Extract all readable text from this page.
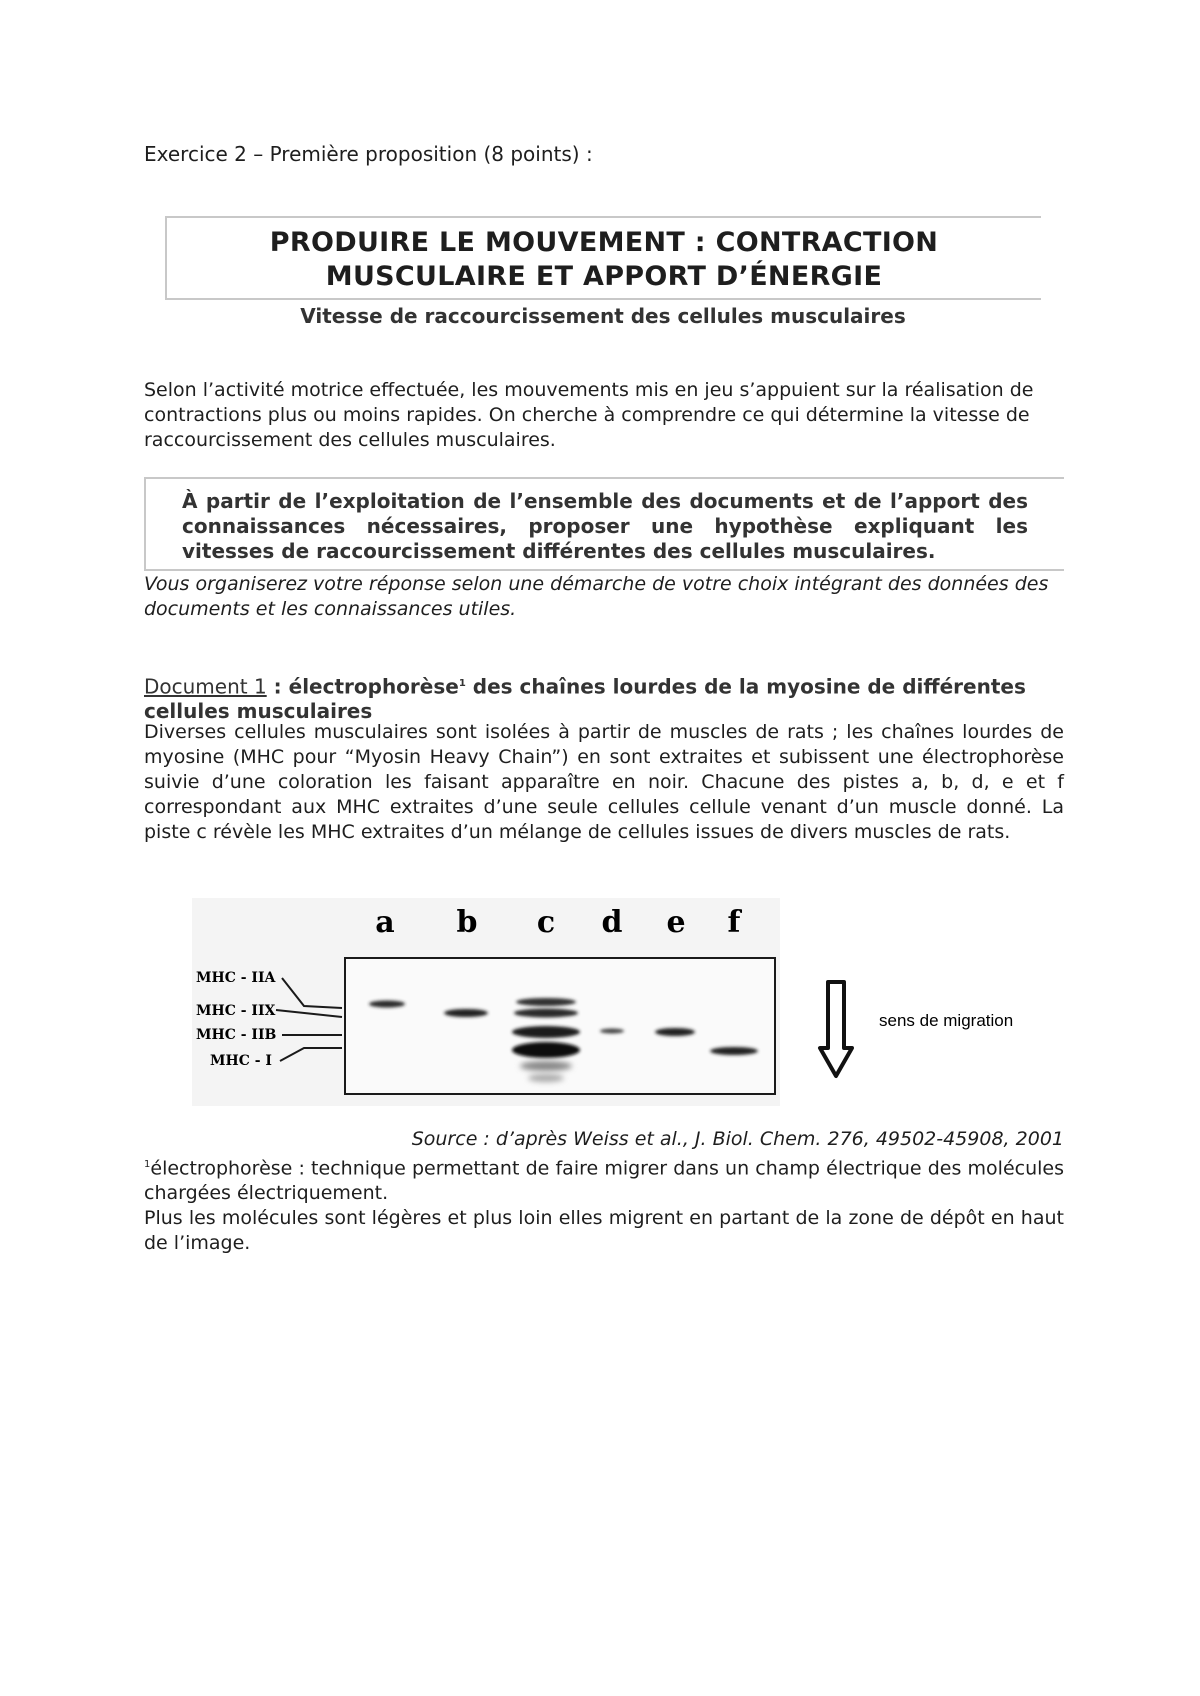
Exercice 2 – Première proposition (8 points) :
PRODUIRE LE MOUVEMENT : CONTRACTION
MUSCULAIRE ET APPORT D’ÉNERGIE
Vitesse de raccourcissement des cellules musculaires
Selon l’activité motrice effectuée, les mouvements mis en jeu s’appuient sur la réalisation de contractions plus ou moins rapides. On cherche à comprendre ce qui détermine la vitesse de raccourcissement des cellules musculaires.
À partir de l’exploitation de l’ensemble des documents et de l’apport des connaissances nécessaires, proposer une hypothèse expliquant les vitesses de raccourcissement différentes des cellules musculaires.
Vous organiserez votre réponse selon une démarche de votre choix intégrant des données des documents et les connaissances utiles.
Document 1 : électrophorèse$^1$ des chaînes lourdes de la myosine de différentes cellules musculaires
Diverses cellules musculaires sont isolées à partir de muscles de rats ; les chaînes lourdes de myosine (MHC pour “Myosin Heavy Chain”) en sont extraites et subissent une électrophorèse suivie d’une coloration les faisant apparaître en noir. Chacune des pistes a, b, d, e et f correspondant aux MHC extraites d’une seule cellules cellule venant d’un muscle donné. La piste c révèle les MHC extraites d’un mélange de cellules issues de divers muscles de rats.
a b c d e f
MHC - IIA
MHC - IIX
MHC - IIB
MHC - I
sens de migration
Source : d’après Weiss et al., J. Biol. Chem. 276, 49502-45908, 2001
$^1$électrophorèse : technique permettant de faire migrer dans un champ électrique des molécules chargées électriquement.
Plus les molécules sont légères et plus loin elles migrent en partant de la zone de dépôt en haut de l’image.
